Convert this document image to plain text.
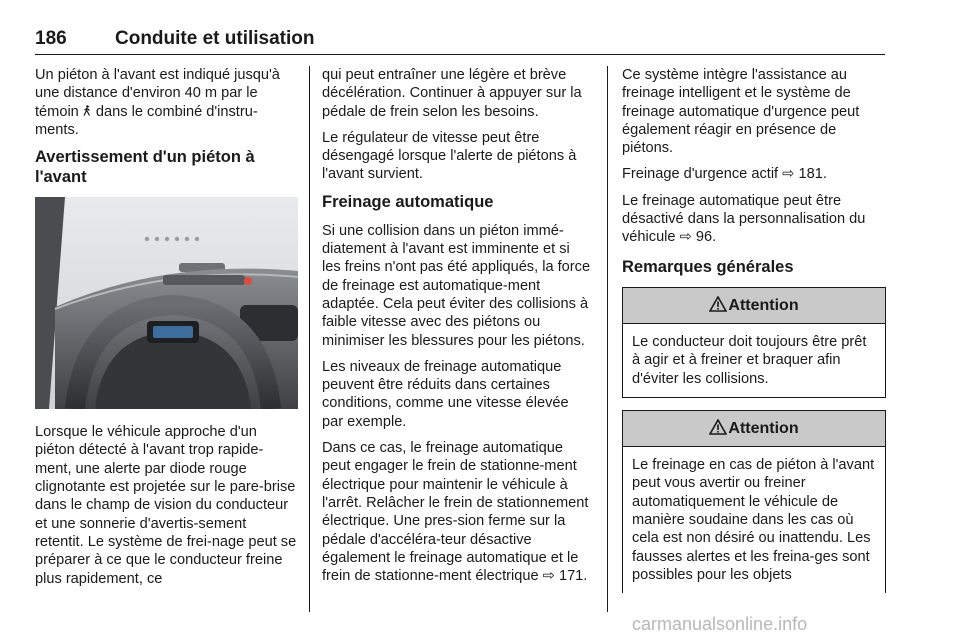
186	Conduite et utilisation

Un piéton à l'avant est indiqué jusqu'à une distance d'environ 40 m par le témoin  dans le combiné d'instru-ments.

Avertissement d'un piéton à l'avant

Lorsque le véhicule approche d'un piéton détecté à l'avant trop rapide-ment, une alerte par diode rouge clignotante est projetée sur le pare-brise dans le champ de vision du conducteur et une sonnerie d'avertis-sement retentit. Le système de frei-nage peut se préparer à ce que le conducteur freine plus rapidement, ce

qui peut entraîner une légère et brève décélération. Continuer à appuyer sur la pédale de frein selon les besoins.

Le régulateur de vitesse peut être désengagé lorsque l'alerte de piétons à l'avant survient.

Freinage automatique

Si une collision dans un piéton immé-diatement à l'avant est imminente et si les freins n'ont pas été appliqués, la force de freinage est automatique-ment adaptée. Cela peut éviter des collisions à faible vitesse avec des piétons ou minimiser les blessures pour les piétons.

Les niveaux de freinage automatique peuvent être réduits dans certaines conditions, comme une vitesse élevée par exemple.

Dans ce cas, le freinage automatique peut engager le frein de stationne-ment électrique pour maintenir le véhicule à l'arrêt. Relâcher le frein de stationnement électrique. Une pres-sion ferme sur la pédale d'accéléra-teur désactive également le freinage automatique et le frein de stationne-ment électrique ⇨ 171.

Ce système intègre l'assistance au freinage intelligent et le système de freinage automatique d'urgence peut également réagir en présence de piétons.

Freinage d'urgence actif ⇨ 181.

Le freinage automatique peut être désactivé dans la personnalisation du véhicule ⇨ 96.

Remarques générales
Attention
Le conducteur doit toujours être prêt à agir et à freiner et braquer afin d'éviter les collisions.
Attention
Le freinage en cas de piéton à l'avant peut vous avertir ou freiner automatiquement le véhicule de manière soudaine dans les cas où cela est non désiré ou inattendu. Les fausses alertes et les freina-ges sont possibles pour les objets
carmanualsonline.info
